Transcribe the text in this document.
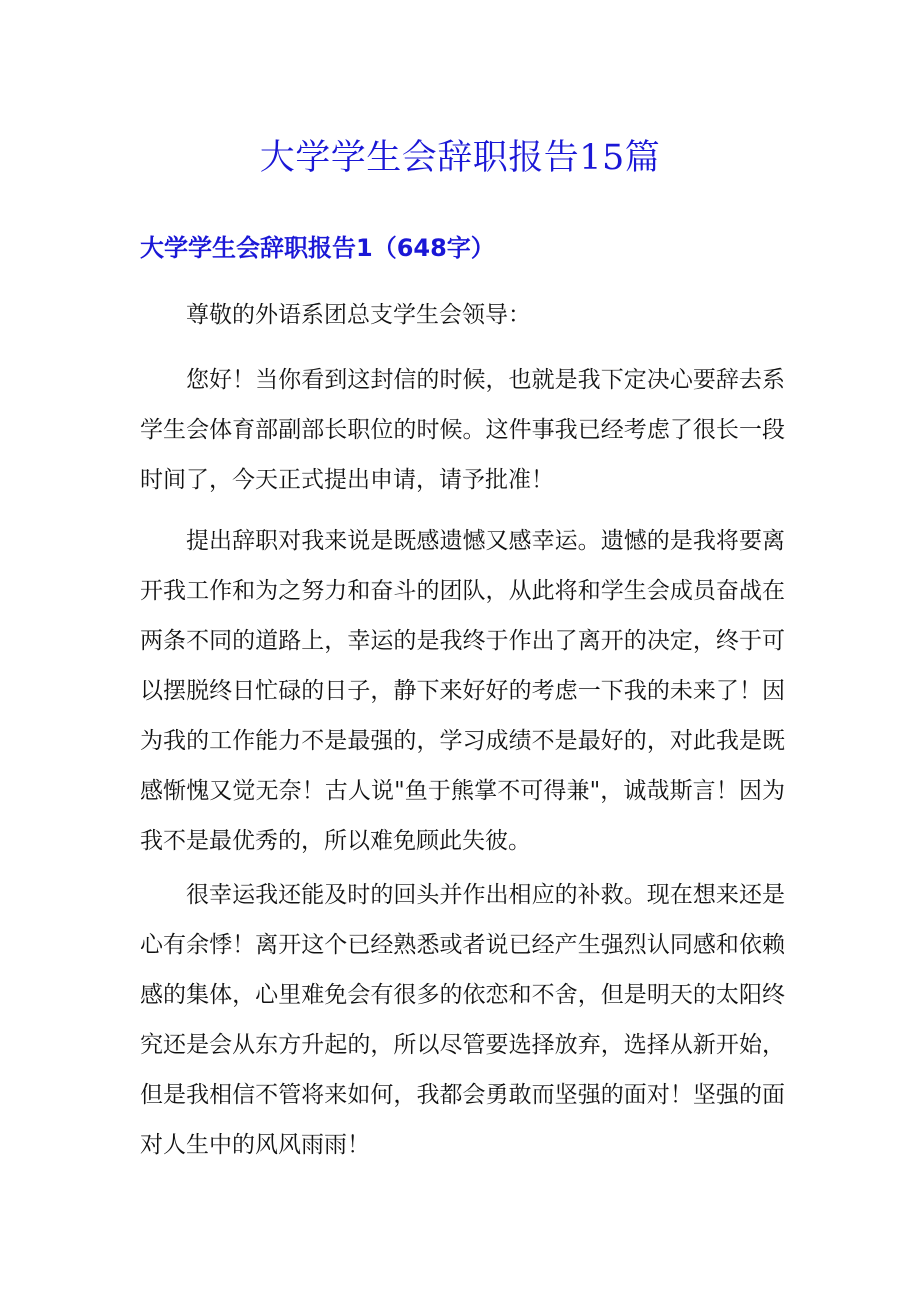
大学学生会辞职报告15篇
大学学生会辞职报告1（648字）

尊敬的外语系团总支学生会领导：

您好！当你看到这封信的时候，也就是我下定决心要辞去系学生会体育部副部长职位的时候。这件事我已经考虑了很长一段时间了，今天正式提出申请，请予批准！

提出辞职对我来说是既感遗憾又感幸运。遗憾的是我将要离开我工作和为之努力和奋斗的团队，从此将和学生会成员奋战在两条不同的道路上，幸运的是我终于作出了离开的决定，终于可以摆脱终日忙碌的日子，静下来好好的考虑一下我的未来了！因为我的工作能力不是最强的，学习成绩不是最好的，对此我是既感惭愧又觉无奈！古人说"鱼于熊掌不可得兼"，诚哉斯言！因为我不是最优秀的，所以难免顾此失彼。

很幸运我还能及时的回头并作出相应的补救。现在想来还是心有余悸！离开这个已经熟悉或者说已经产生强烈认同感和依赖感的集体，心里难免会有很多的依恋和不舍，但是明天的太阳终究还是会从东方升起的，所以尽管要选择放弃，选择从新开始，但是我相信不管将来如何，我都会勇敢而坚强的面对！坚强的面对人生中的风风雨雨！
